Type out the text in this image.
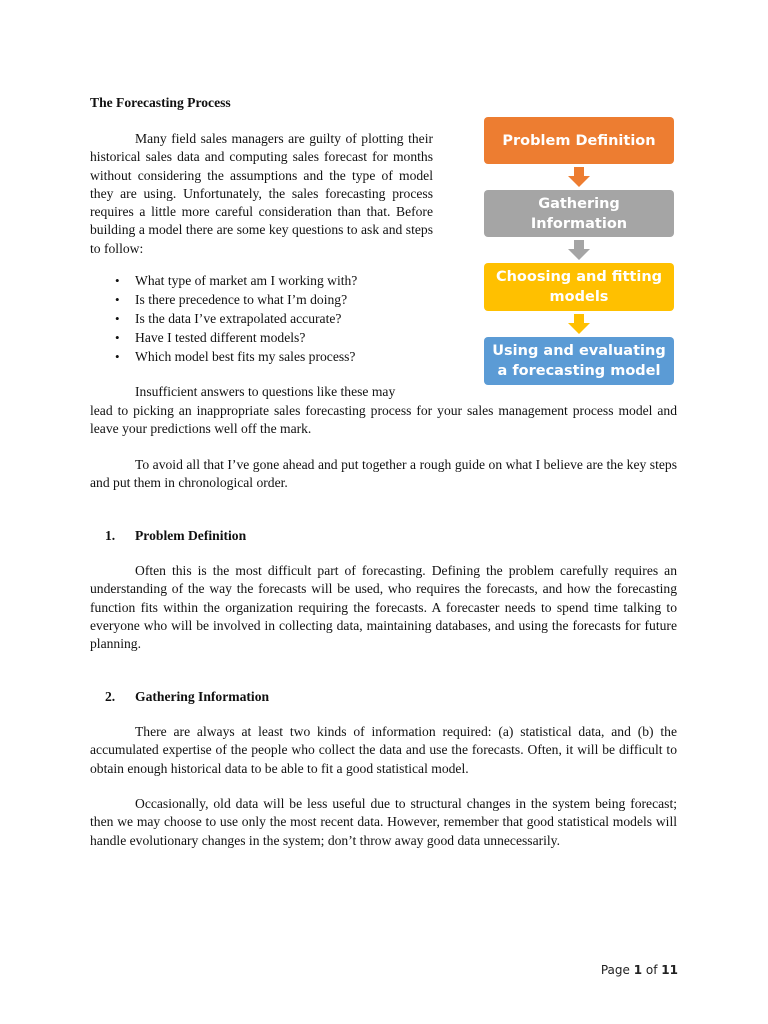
The Forecasting Process

Many field sales managers are guilty of plotting their historical sales data and computing sales forecast for months without considering the assumptions and the type of model they are using. Unfortunately, the sales forecasting process requires a little more careful consideration than that. Before building a model there are some key questions to ask and steps to follow:

• What type of market am I working with?
• Is there precedence to what I’m doing?
• Is the data I’ve extrapolated accurate?
• Have I tested different models?
• Which model best fits my sales process?
Insufficient answers to questions like these may

lead to picking an inappropriate sales forecasting process for your sales management process model and leave your predictions well off the mark.

To avoid all that I’ve gone ahead and put together a rough guide on what I believe are the key steps and put them in chronological order.

1. Problem Definition

Often this is the most difficult part of forecasting. Defining the problem carefully requires an understanding of the way the forecasts will be used, who requires the forecasts, and how the forecasting function fits within the organization requiring the forecasts. A forecaster needs to spend time talking to everyone who will be involved in collecting data, maintaining databases, and using the forecasts for future planning.

2. Gathering Information

There are always at least two kinds of information required: (a) statistical data, and (b) the accumulated expertise of the people who collect the data and use the forecasts. Often, it will be difficult to obtain enough historical data to be able to fit a good statistical model.

Occasionally, old data will be less useful due to structural changes in the system being forecast; then we may choose to use only the most recent data. However, remember that good statistical models will handle evolutionary changes in the system; don’t throw away good data unnecessarily.

Problem Definition
Gathering Information
Choosing and fitting
models
Using and evaluating
a forecasting model
Page 1 of 11
